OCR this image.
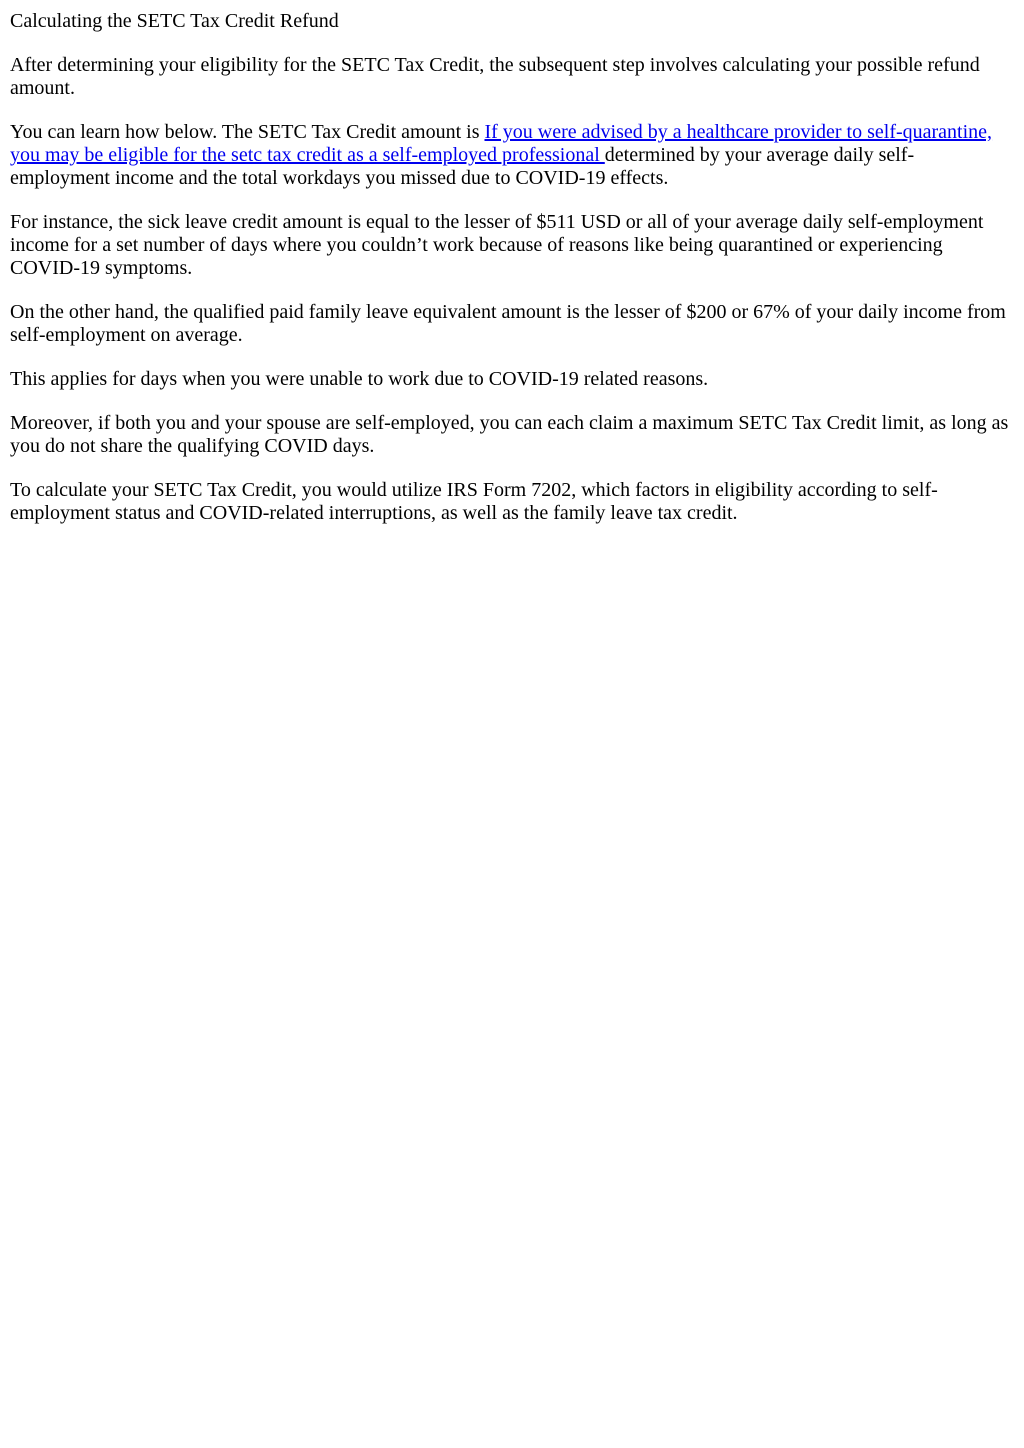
Calculating the SETC Tax Credit Refund

After determining your eligibility for the SETC Tax Credit, the subsequent step involves calculating your possible refund amount.

You can learn how below. The SETC Tax Credit amount is If you were advised by a healthcare provider to self-quarantine, you may be eligible for the setc tax credit as a self-employed professional determined by your average daily self-employment income and the total workdays you missed due to COVID-19 effects.

For instance, the sick leave credit amount is equal to the lesser of $511 USD or all of your average daily self-employment income for a set number of days where you couldn’t work because of reasons like being quarantined or experiencing COVID-19 symptoms.

On the other hand, the qualified paid family leave equivalent amount is the lesser of $200 or 67% of your daily income from self-employment on average.

This applies for days when you were unable to work due to COVID-19 related reasons.

Moreover, if both you and your spouse are self-employed, you can each claim a maximum SETC Tax Credit limit, as long as you do not share the qualifying COVID days.

To calculate your SETC Tax Credit, you would utilize IRS Form 7202, which factors in eligibility according to self-employment status and COVID-related interruptions, as well as the family leave tax credit.
